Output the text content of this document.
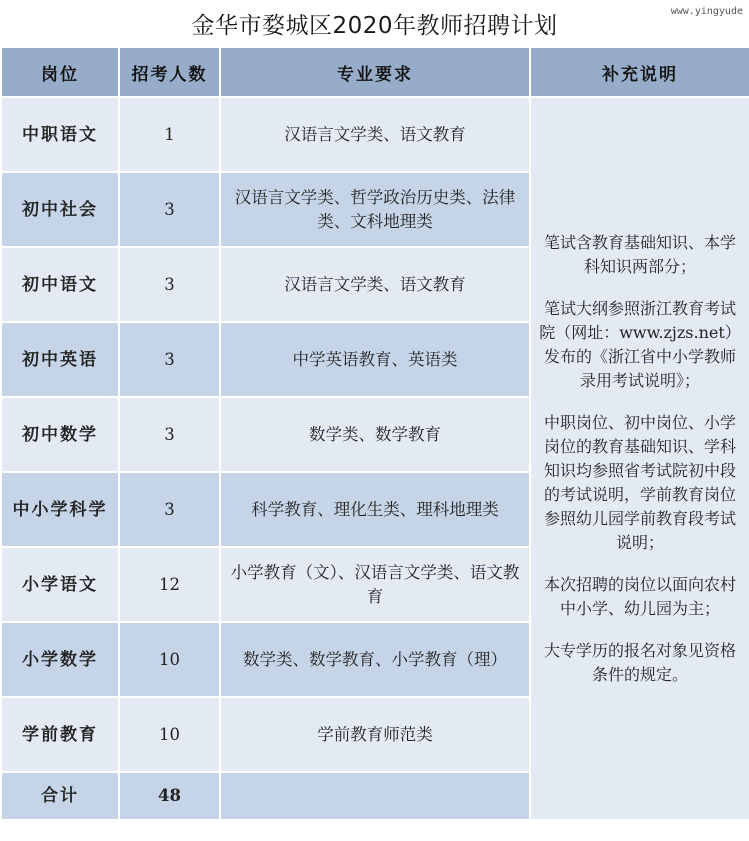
金华市婺城区2020年教师招聘计划
www.yingyude
岗位	招考人数	专业要求	补充说明
中职语文	1	汉语言文学类、语文教育	笔试含教育基础知识、本学科知识两部分；

笔试大纲参照浙江教育考试院（网址：www.zjzs.net）发布的《浙江省中小学教师录用考试说明》；

中职岗位、初中岗位、小学岗位的教育基础知识、学科知识均参照省考试院初中段的考试说明，学前教育岗位参照幼儿园学前教育段考试说明；

本次招聘的岗位以面向农村中小学、幼儿园为主；

大专学历的报名对象见资格条件的规定。

初中社会	3	汉语言文学类、哲学政治历史类、法律类、文科地理类	
初中语文	3	汉语言文学类、语文教育	
初中英语	3	中学英语教育、英语类	
初中数学	3	数学类、数学教育	
中小学科学	3	科学教育、理化生类、理科地理类	
小学语文	12	小学教育（文）、汉语言文学类、语文教育	
小学数学	10	数学类、数学教育、小学教育（理）	
学前教育	10	学前教育师范类	
合计	48		
